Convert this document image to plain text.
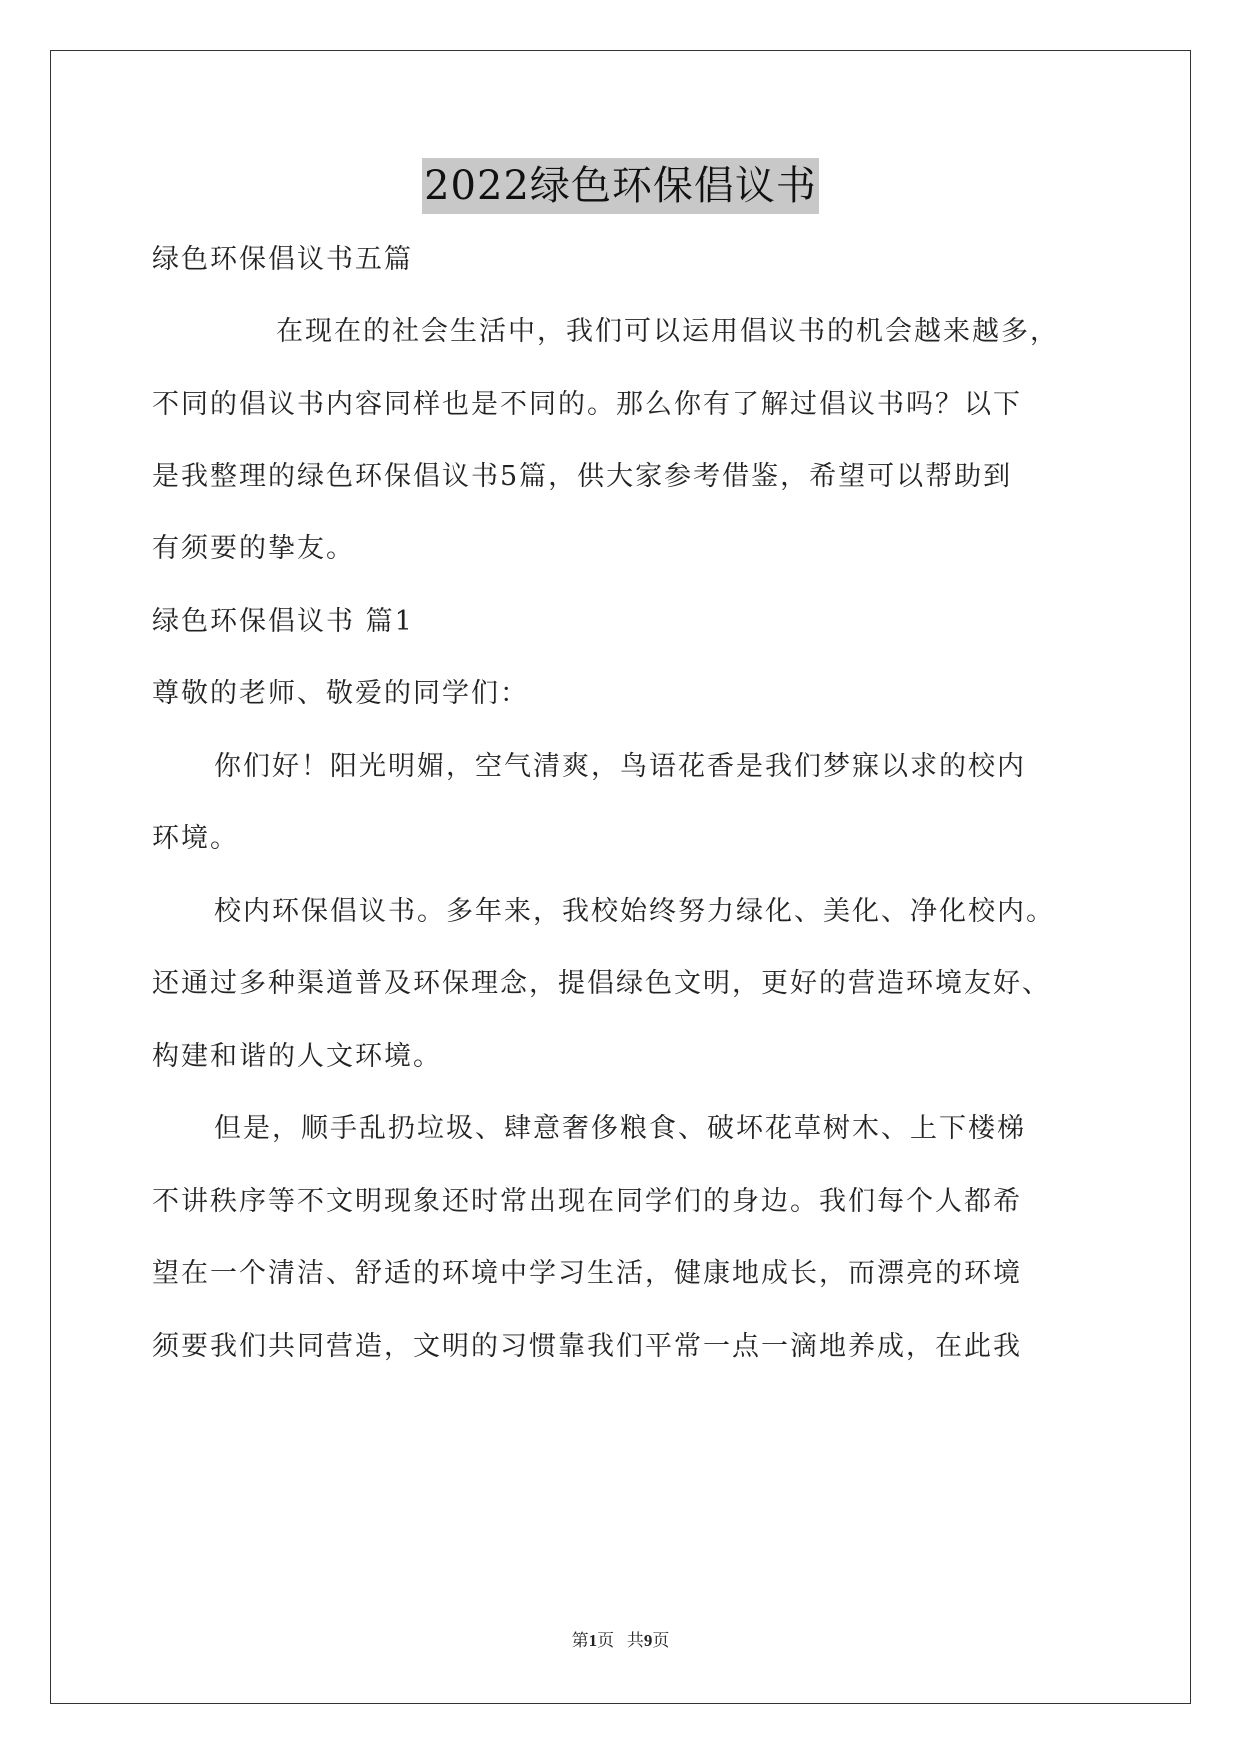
2022绿色环保倡议书
绿色环保倡议书五篇
在现在的社会生活中，我们可以运用倡议书的机会越来越多，
不同的倡议书内容同样也是不同的。那么你有了解过倡议书吗？以下
是我整理的绿色环保倡议书5篇，供大家参考借鉴，希望可以帮助到
有须要的挚友。
绿色环保倡议书 篇1
尊敬的老师、敬爱的同学们：
你们好！阳光明媚，空气清爽，鸟语花香是我们梦寐以求的校内
环境。
校内环保倡议书。多年来，我校始终努力绿化、美化、净化校内。
还通过多种渠道普及环保理念，提倡绿色文明，更好的营造环境友好、
构建和谐的人文环境。
但是，顺手乱扔垃圾、肆意奢侈粮食、破坏花草树木、上下楼梯
不讲秩序等不文明现象还时常出现在同学们的身边。我们每个人都希
望在一个清洁、舒适的环境中学习生活，健康地成长，而漂亮的环境
须要我们共同营造，文明的习惯靠我们平常一点一滴地养成，在此我
第1页 共9页
